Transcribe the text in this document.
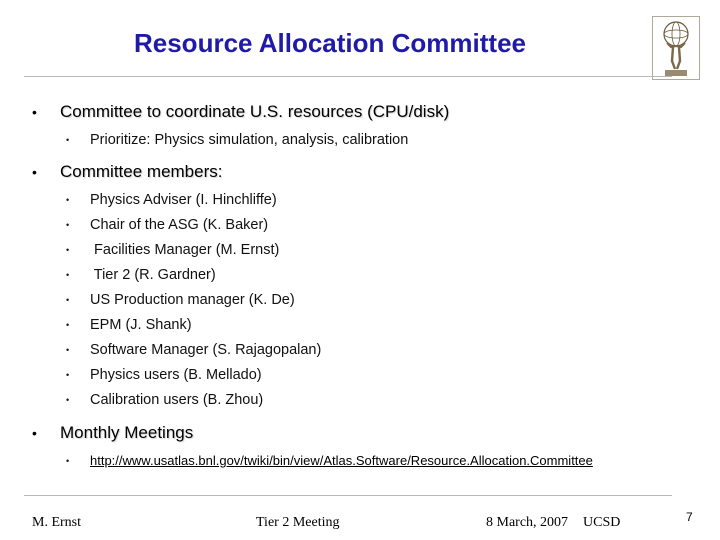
Resource Allocation Committee
• Committee to coordinate U.S. resources (CPU/disk)
• Prioritize: Physics simulation, analysis, calibration
• Committee members:
• Physics Adviser (I. Hinchliffe)
• Chair of the ASG (K. Baker)
• Facilities Manager (M. Ernst)
• Tier 2 (R. Gardner)
• US Production manager (K. De)
• EPM (J. Shank)
• Software Manager (S. Rajagopalan)
• Physics users (B. Mellado)
• Calibration users (B. Zhou)
• Monthly Meetings
• http://www.usatlas.bnl.gov/twiki/bin/view/Atlas.Software/Resource.Allocation.Committee
M. Ernst	Tier 2 Meeting	8 March, 2007 UCSD	7
